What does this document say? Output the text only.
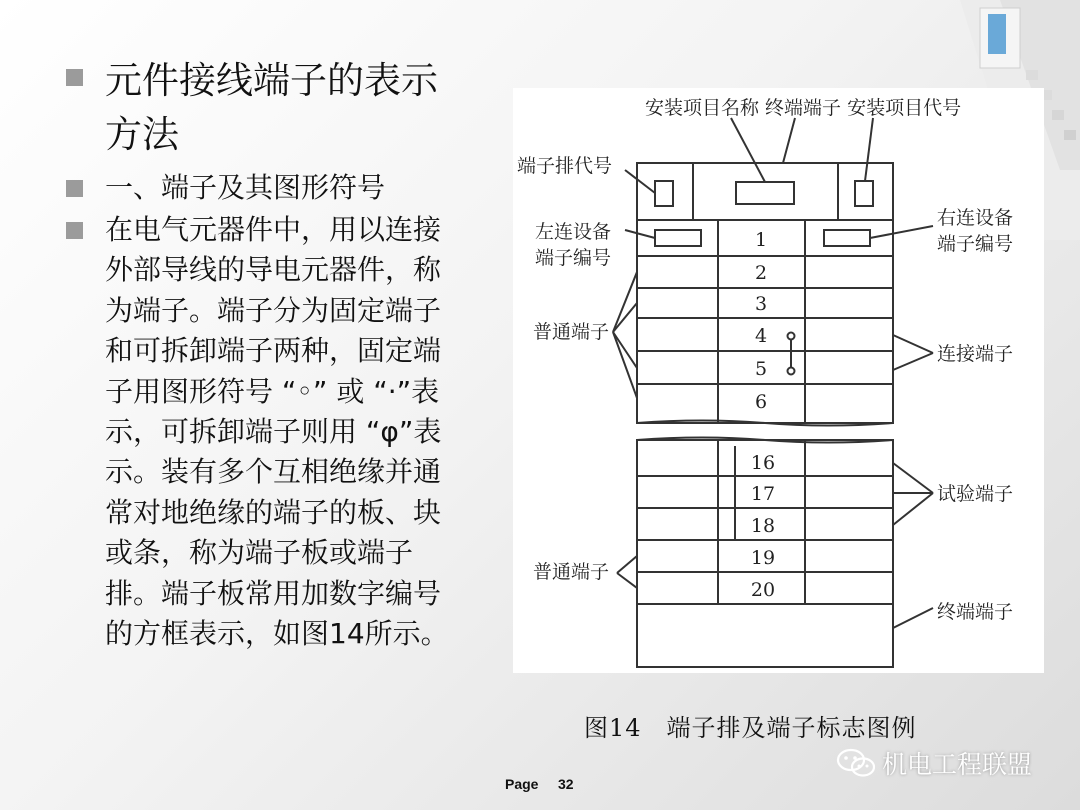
元件接线端子的表示方法
一、端子及其图形符号
在电气元器件中，用以连接外部导线的导电元器件，称为端子。端子分为固定端子和可拆卸端子两种，固定端子用图形符号 “◦” 或 “·”表示，可拆卸端子则用 “φ”表示。装有多个互相绝缘并通常对地绝缘的端子的板、块或条，称为端子板或端子排。端子板常用加数字编号的方框表示，如图14所示。
安装项目名称 终端端子 安装项目代号
端子排代号
左连设备
端子编号
右连设备
端子编号
普通端子
连接端子
试验端子
普通端子
终端端子
1
2
3
4
5
6
16
17
18
19
20
图14　端子排及端子标志图例
Page 32
机电工程联盟
